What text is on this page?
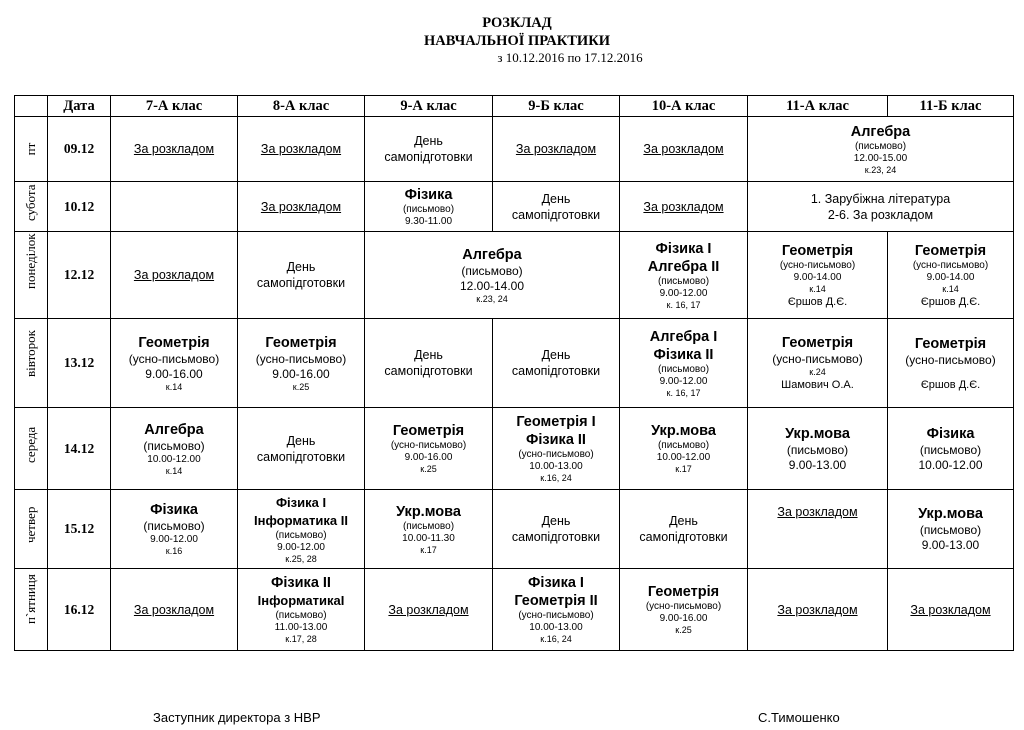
РОЗКЛАД
НАВЧАЛЬНОЇ ПРАКТИКИ
з 10.12.2016 по 17.12.2016
	Дата	7-А клас	8-А клас	9-А клас	9-Б клас	10-А клас	11-А клас	11-Б клас

пт	09.12	За розкладом	За розкладом	День
самопідготовки	За розкладом	За розкладом	Алгебра
(письмово)
12.00-15.00
к.23, 24	

субота	10.12		За розкладом	Фізика
(письмово)
9.30-11.00	День
самопідготовки	За розкладом	1. Зарубіжна література
2-6. За розкладом	

понеділок	12.12	За розкладом	День
самопідготовки	Алгебра
(письмово)
12.00-14.00
к.23, 24		Фізика І
Алгебра ІІ
(письмово)
9.00-12.00
к. 16, 17	Геометрія
(усно-письмово)
9.00-14.00
к.14
Єршов Д.Є.	Геометрія
(усно-письмово)
9.00-14.00
к.14
Єршов Д.Є.

вівторок	13.12	Геометрія
(усно-письмово)
9.00-16.00
к.14	Геометрія
(усно-письмово)
9.00-16.00
к.25	День
самопідготовки	День
самопідготовки	Алгебра І
Фізика ІІ
(письмово)
9.00-12.00
к. 16, 17	Геометрія
(усно-письмово)
к.24
Шамович О.А.	Геометрія
(усно-письмово)
Єршов Д.Є.

середа	14.12	Алгебра
(письмово)
10.00-12.00
к.14	День
самопідготовки	Геометрія
(усно-письмово)
9.00-16.00
к.25	Геометрія І
Фізика ІІ
(усно-письмово)
10.00-13.00
к.16, 24	Укр.мова
(письмово)
10.00-12.00
к.17	Укр.мова
(письмово)
9.00-13.00	Фізика
(письмово)
10.00-12.00

четвер	15.12	Фізика
(письмово)
9.00-12.00
к.16	Фізика І
Інформатика ІІ
(письмово)
9.00-12.00
к.25, 28	Укр.мова
(письмово)
10.00-11.30
к.17	День
самопідготовки	День
самопідготовки	За розкладом	Укр.мова
(письмово)
9.00-13.00

п`ятниця	16.12	За розкладом	Фізика ІІ
ІнформатикаІ
(письмово)
11.00-13.00
к.17, 28	За розкладом	Фізика І
Геометрія ІІ
(усно-письмово)
10.00-13.00
к.16, 24	Геометрія
(усно-письмово)
9.00-16.00
к.25	За розкладом	За розкладом
Заступник директора з НВР	С.Тимошенко
